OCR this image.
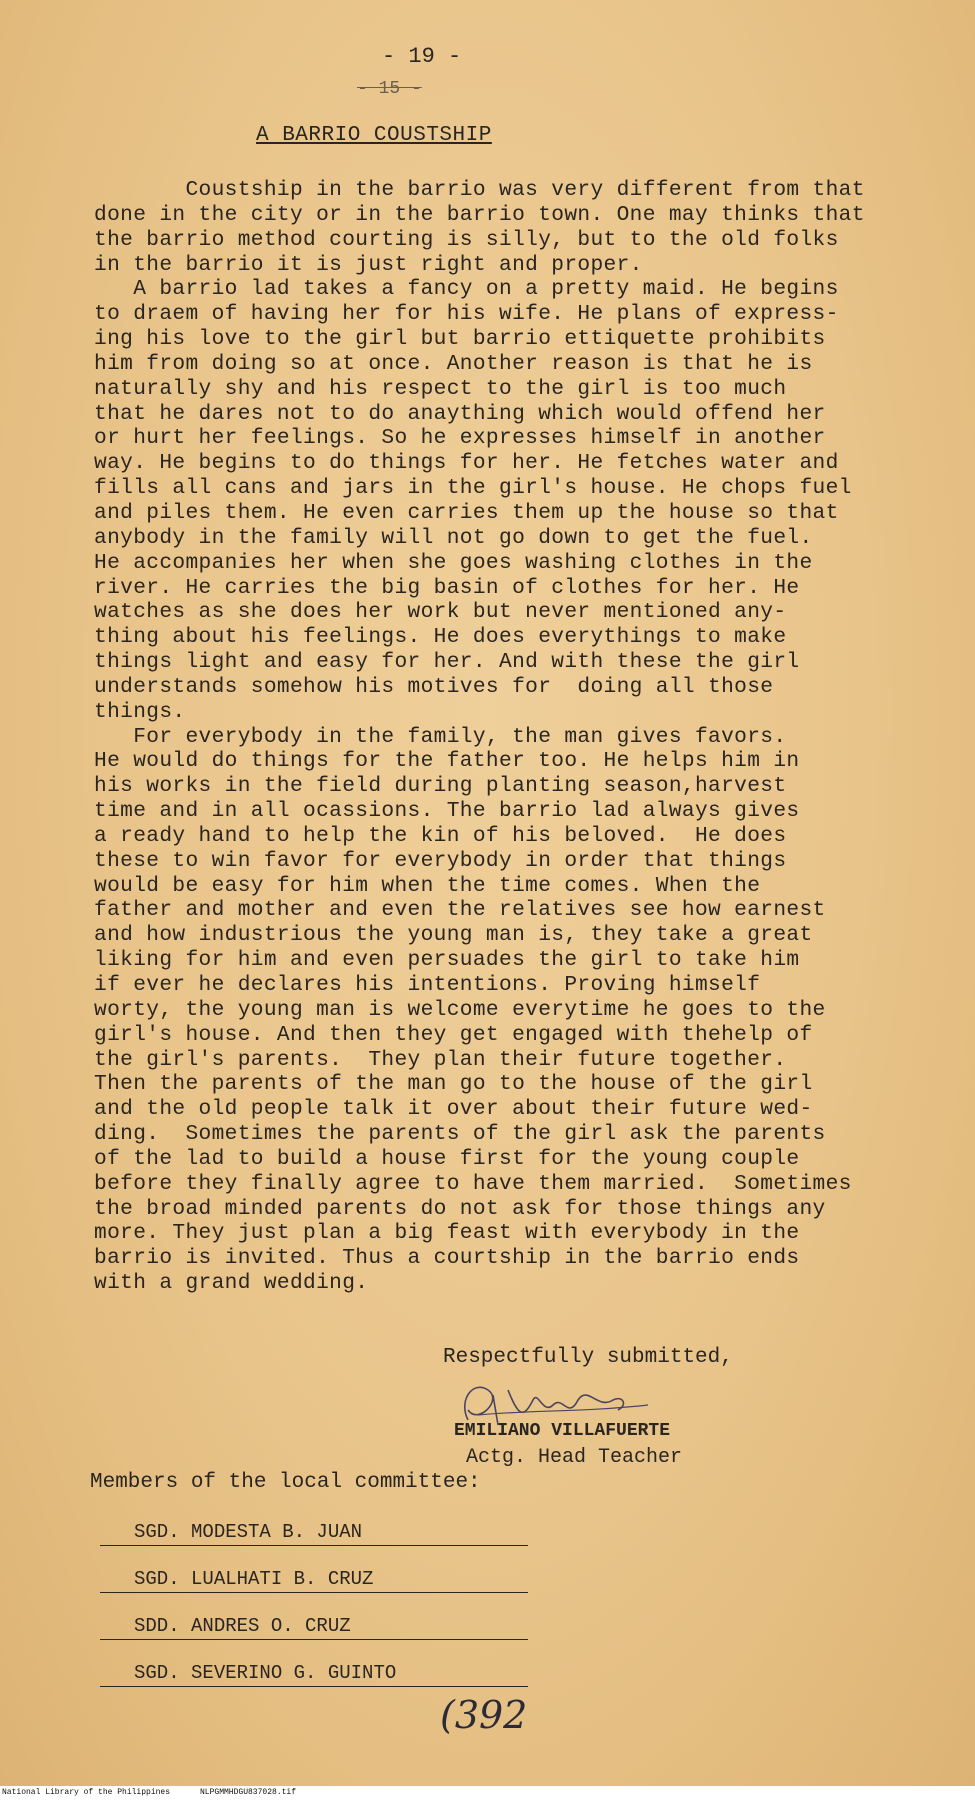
- 19 -
- 15 -
A BARRIO COUSTSHIP
Coustship in the barrio was very different from that
done in the city or in the barrio town. One may thinks that
the barrio method courting is silly, but to the old folks
in the barrio it is just right and proper.
A barrio lad takes a fancy on a pretty maid. He begins
to draem of having her for his wife. He plans of express-
ing his love to the girl but barrio ettiquette prohibits
him from doing so at once. Another reason is that he is
naturally shy and his respect to the girl is too much
that he dares not to do anaything which would offend her
or hurt her feelings. So he expresses himself in another
way. He begins to do things for her. He fetches water and
fills all cans and jars in the girl's house. He chops fuel
and piles them. He even carries them up the house so that
anybody in the family will not go down to get the fuel.
He accompanies her when she goes washing clothes in the
river. He carries the big basin of clothes for her. He
watches as she does her work but never mentioned any-
thing about his feelings. He does everythings to make
things light and easy for her. And with these the girl
understands somehow his motives for  doing all those
things.
For everybody in the family, the man gives favors.
He would do things for the father too. He helps him in
his works in the field during planting season,harvest
time and in all ocassions. The barrio lad always gives
a ready hand to help the kin of his beloved.  He does
these to win favor for everybody in order that things
would be easy for him when the time comes. When the
father and mother and even the relatives see how earnest
and how industrious the young man is, they take a great
liking for him and even persuades the girl to take him
if ever he declares his intentions. Proving himself
worty, the young man is welcome everytime he goes to the
girl's house. And then they get engaged with thehelp of
the girl's parents.  They plan their future together.
Then the parents of the man go to the house of the girl
and the old people talk it over about their future wed-
ding.  Sometimes the parents of the girl ask the parents
of the lad to build a house first for the young couple
before they finally agree to have them married.  Sometimes
the broad minded parents do not ask for those things any
more. They just plan a big feast with everybody in the
barrio is invited. Thus a courtship in the barrio ends
with a grand wedding.
Respectfully submitted,
EMILIANO VILLAFUERTE
Actg. Head Teacher
Members of the local committee:
SGD. MODESTA B. JUAN
SGD. LUALHATI B. CRUZ
SDD. ANDRES O. CRUZ
SGD. SEVERINO G. GUINTO
(392
National Library of the Philippines	NLPGMMHDGU837028.tif
